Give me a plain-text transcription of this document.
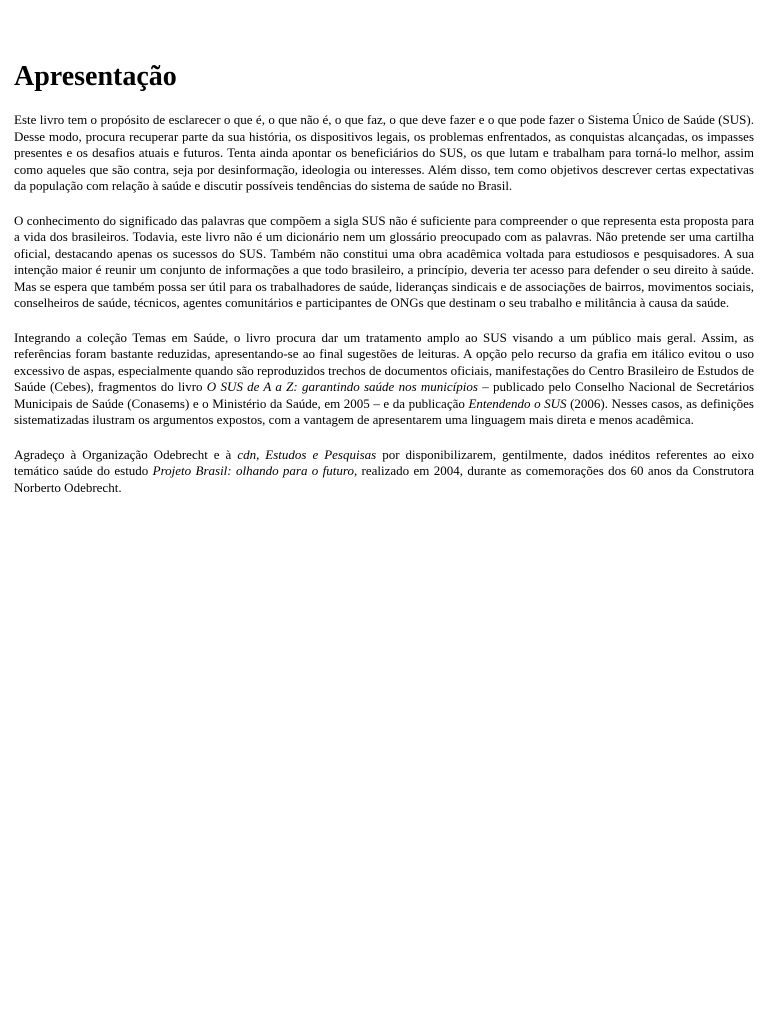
Apresentação

Este livro tem o propósito de esclarecer o que é, o que não é, o que faz, o que deve fazer e o que pode fazer o Sistema Único de Saúde (SUS). Desse modo, procura recuperar parte da sua história, os dispositivos legais, os problemas enfrentados, as conquistas alcançadas, os impasses presentes e os desafios atuais e futuros. Tenta ainda apontar os beneficiários do SUS, os que lutam e trabalham para torná-lo melhor, assim como aqueles que são contra, seja por desinformação, ideologia ou interesses. Além disso, tem como objetivos descrever certas expectativas da população com relação à saúde e discutir possíveis tendências do sistema de saúde no Brasil.

O conhecimento do significado das palavras que compõem a sigla SUS não é suficiente para compreender o que representa esta proposta para a vida dos brasileiros. Todavia, este livro não é um dicionário nem um glossário preocupado com as palavras. Não pretende ser uma cartilha oficial, destacando apenas os sucessos do SUS. Também não constitui uma obra acadêmica voltada para estudiosos e pesquisadores. A sua intenção maior é reunir um conjunto de informações a que todo brasileiro, a princípio, deveria ter acesso para defender o seu direito à saúde. Mas se espera que também possa ser útil para os trabalhadores de saúde, lideranças sindicais e de associações de bairros, movimentos sociais, conselheiros de saúde, técnicos, agentes comunitários e participantes de ONGs que destinam o seu trabalho e militância à causa da saúde.

Integrando a coleção Temas em Saúde, o livro procura dar um tratamento amplo ao SUS visando a um público mais geral. Assim, as referências foram bastante reduzidas, apresentando-se ao final sugestões de leituras. A opção pelo recurso da grafia em itálico evitou o uso excessivo de aspas, especialmente quando são reproduzidos trechos de documentos oficiais, manifestações do Centro Brasileiro de Estudos de Saúde (Cebes), fragmentos do livro O SUS de A a Z: garantindo saúde nos municípios – publicado pelo Conselho Nacional de Secretários Municipais de Saúde (Conasems) e o Ministério da Saúde, em 2005 – e da publicação Entendendo o SUS (2006). Nesses casos, as definições sistematizadas ilustram os argumentos expostos, com a vantagem de apresentarem uma linguagem mais direta e menos acadêmica.

Agradeço à Organização Odebrecht e à cdn, Estudos e Pesquisas por disponibilizarem, gentilmente, dados inéditos referentes ao eixo temático saúde do estudo Projeto Brasil: olhando para o futuro, realizado em 2004, durante as comemorações dos 60 anos da Construtora Norberto Odebrecht.
